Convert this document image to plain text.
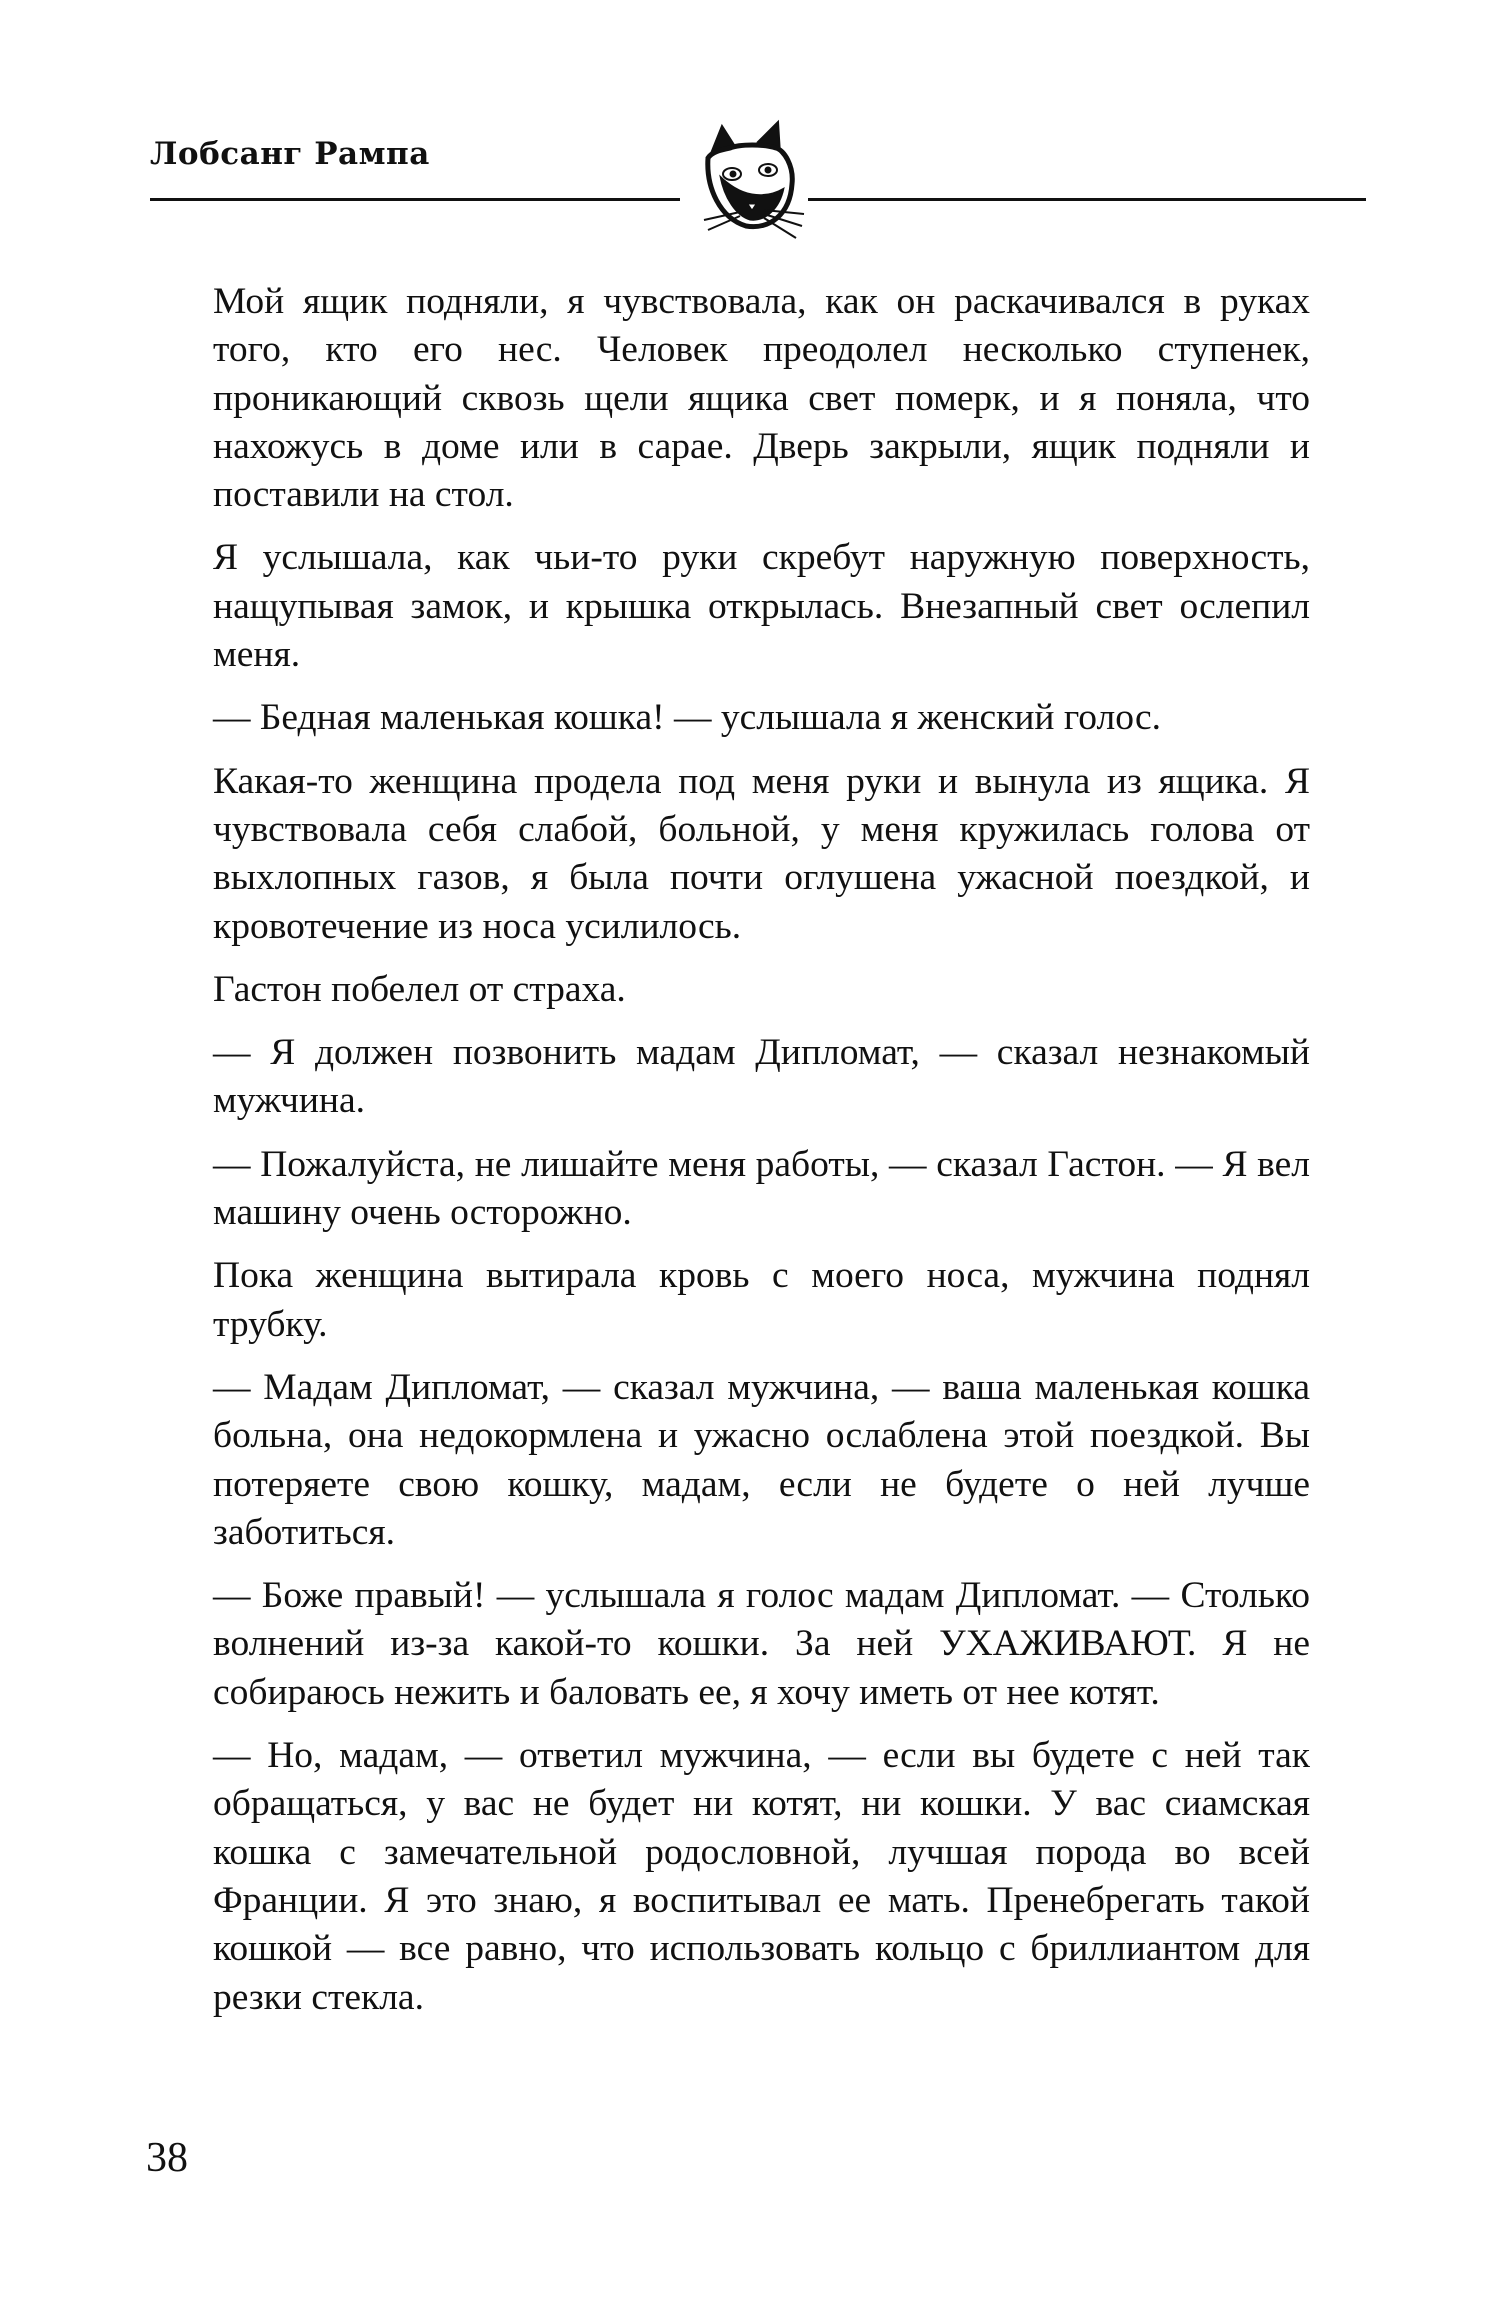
Лобсанг Рампа

Мой ящик подняли, я чувствовала, как он раскачивался в руках того, кто его нес. Человек преодолел несколько ступенек, проникающий сквозь щели ящика свет померк, и я поняла, что нахожусь в доме или в сарае. Дверь закрыли, ящик подняли и поставили на стол.

Я услышала, как чьи-то руки скребут наружную поверхность, нащупывая замок, и крышка открылась. Внезапный свет ослепил меня.

— Бедная маленькая кошка! — услышала я женский голос.

Какая-то женщина продела под меня руки и вынула из ящика. Я чувствовала себя слабой, больной, у меня кружилась голова от выхлопных газов, я была почти оглушена ужасной поездкой, и кровотечение из носа усилилось.

Гастон побелел от страха.

— Я должен позвонить мадам Дипломат, — сказал незнакомый мужчина.

— Пожалуйста, не лишайте меня работы, — сказал Гастон. — Я вел машину очень осторожно.

Пока женщина вытирала кровь с моего носа, мужчина поднял трубку.

— Мадам Дипломат, — сказал мужчина, — ваша маленькая кошка больна, она недокормлена и ужасно ослаблена этой поездкой. Вы потеряете свою кошку, мадам, если не будете о ней лучше заботиться.

— Боже правый! — услышала я голос мадам Дипломат. — Столько волнений из-за какой-то кошки. За ней УХАЖИВАЮТ. Я не собираюсь нежить и баловать ее, я хочу иметь от нее котят.

— Но, мадам, — ответил мужчина, — если вы будете с ней так обращаться, у вас не будет ни котят, ни кошки. У вас сиамская кошка с замечательной родословной, лучшая порода во всей Франции. Я это знаю, я воспитывал ее мать. Пренебрегать такой кошкой — все равно, что использовать кольцо с бриллиантом для резки стекла.

38
